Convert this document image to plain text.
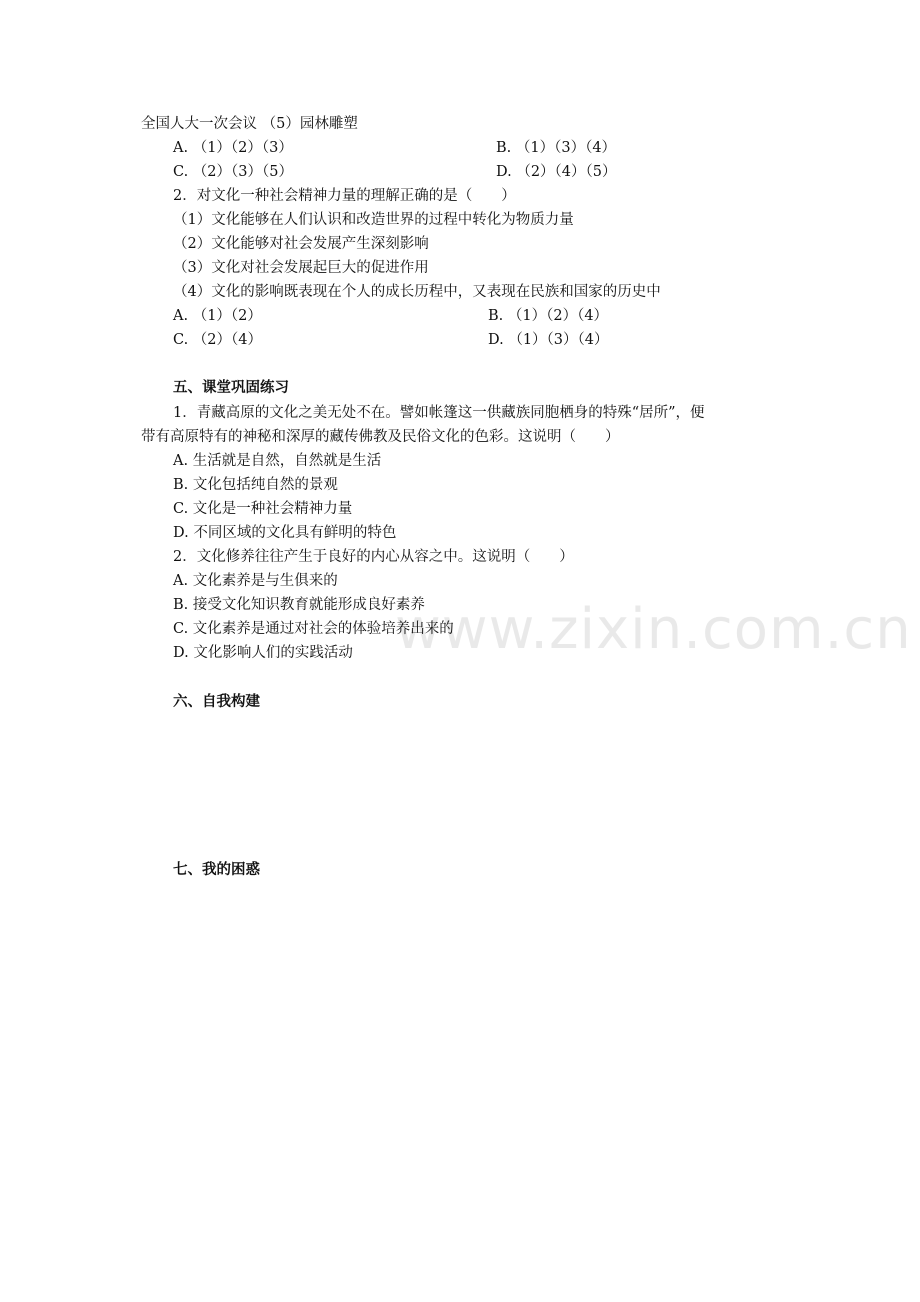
www.zixin.com.cn
全国人大一次会议 （5）园林雕塑
A. （1）（2）（3）	B. （1）（3）（4）
C. （2）（3）（5）	D. （2）（4）（5）
2．对文化一种社会精神力量的理解正确的是（　　）
（1）文化能够在人们认识和改造世界的过程中转化为物质力量
（2）文化能够对社会发展产生深刻影响
（3）文化对社会发展起巨大的促进作用
（4）文化的影响既表现在个人的成长历程中，又表现在民族和国家的历史中
A. （1）（2）	B. （1）（2）（4）
C. （2）（4）	D. （1）（3）（4）
五、课堂巩固练习
1．青藏高原的文化之美无处不在。譬如帐篷这一供藏族同胞栖身的特殊“居所”，便
带有高原特有的神秘和深厚的藏传佛教及民俗文化的色彩。这说明（　　）
A. 生活就是自然，自然就是生活
B. 文化包括纯自然的景观
C. 文化是一种社会精神力量
D. 不同区域的文化具有鲜明的特色
2．文化修养往往产生于良好的内心从容之中。这说明（　　）
A. 文化素养是与生俱来的
B. 接受文化知识教育就能形成良好素养
C. 文化素养是通过对社会的体验培养出来的
D. 文化影响人们的实践活动
六、自我构建
七、我的困惑
